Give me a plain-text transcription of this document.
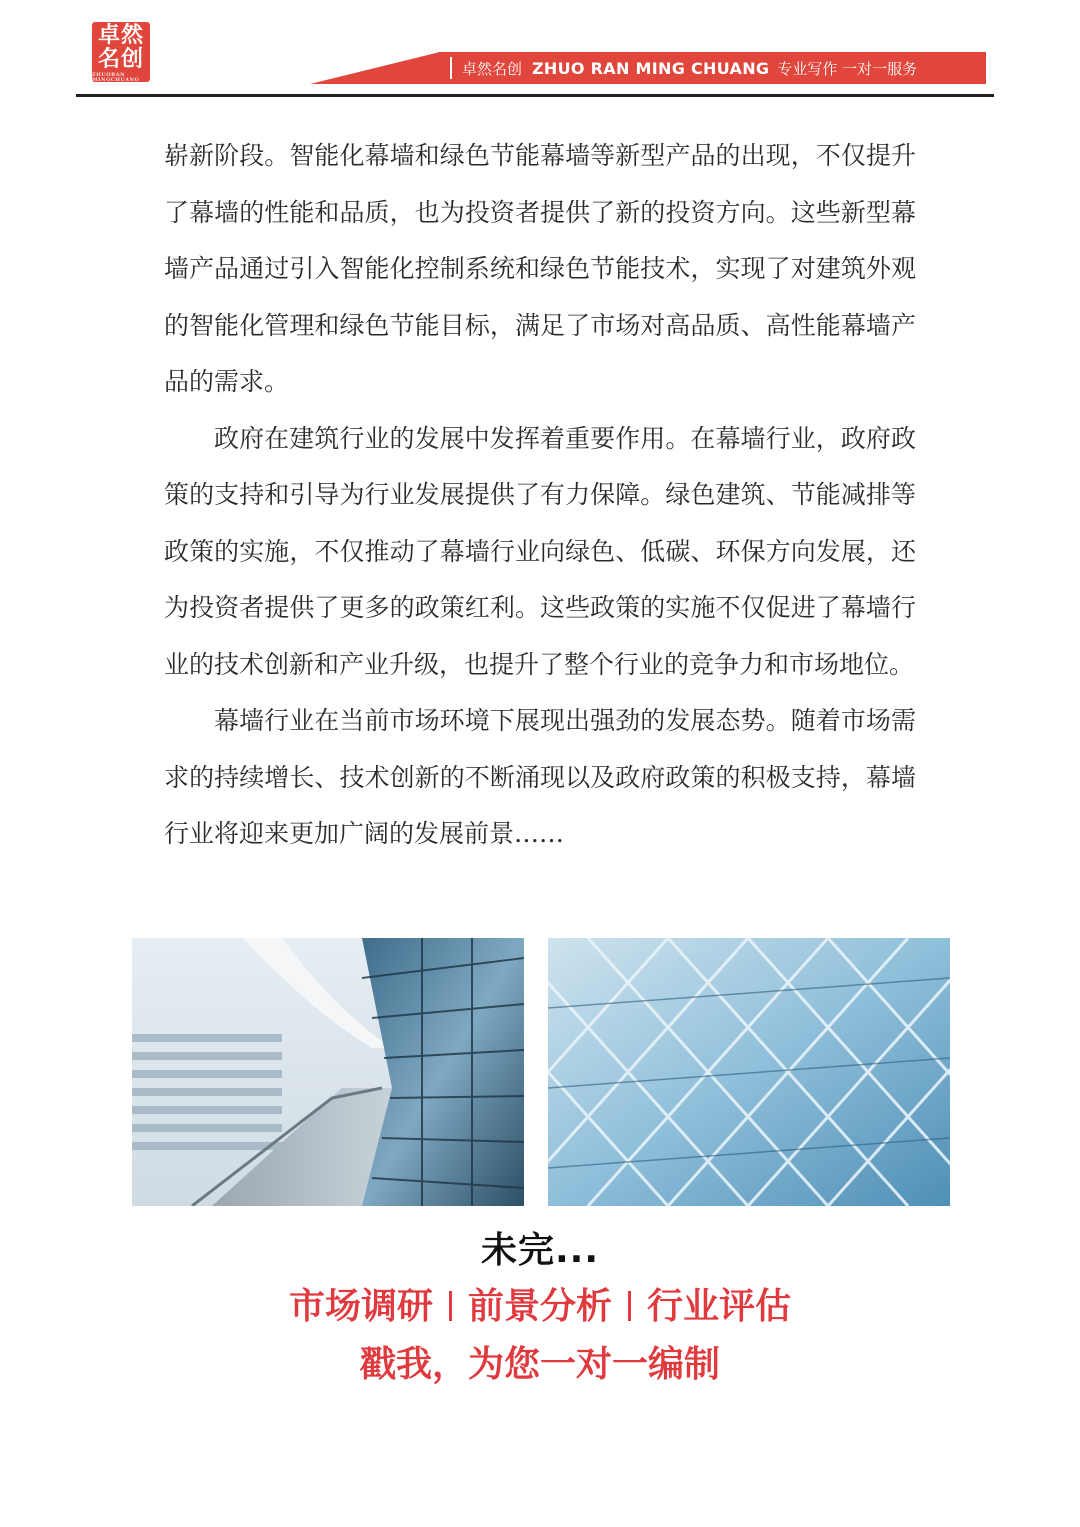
卓然
名创
ZHUORAN MINGCHUANG
卓然名创 ZHUO RAN MING CHUANG 专业写作 一对一服务

崭新阶段。智能化幕墙和绿色节能幕墙等新型产品的出现，不仅提升了幕墙的性能和品质，也为投资者提供了新的投资方向。这些新型幕墙产品通过引入智能化控制系统和绿色节能技术，实现了对建筑外观的智能化管理和绿色节能目标，满足了市场对高品质、高性能幕墙产品的需求。

政府在建筑行业的发展中发挥着重要作用。在幕墙行业，政府政策的支持和引导为行业发展提供了有力保障。绿色建筑、节能减排等政策的实施，不仅推动了幕墙行业向绿色、低碳、环保方向发展，还为投资者提供了更多的政策红利。这些政策的实施不仅促进了幕墙行业的技术创新和产业升级，也提升了整个行业的竞争力和市场地位。

幕墙行业在当前市场环境下展现出强劲的发展态势。随着市场需求的持续增长、技术创新的不断涌现以及政府政策的积极支持，幕墙行业将迎来更加广阔的发展前景……

未完...
市场调研 前景分析 行业评估
戳我，为您一对一编制
